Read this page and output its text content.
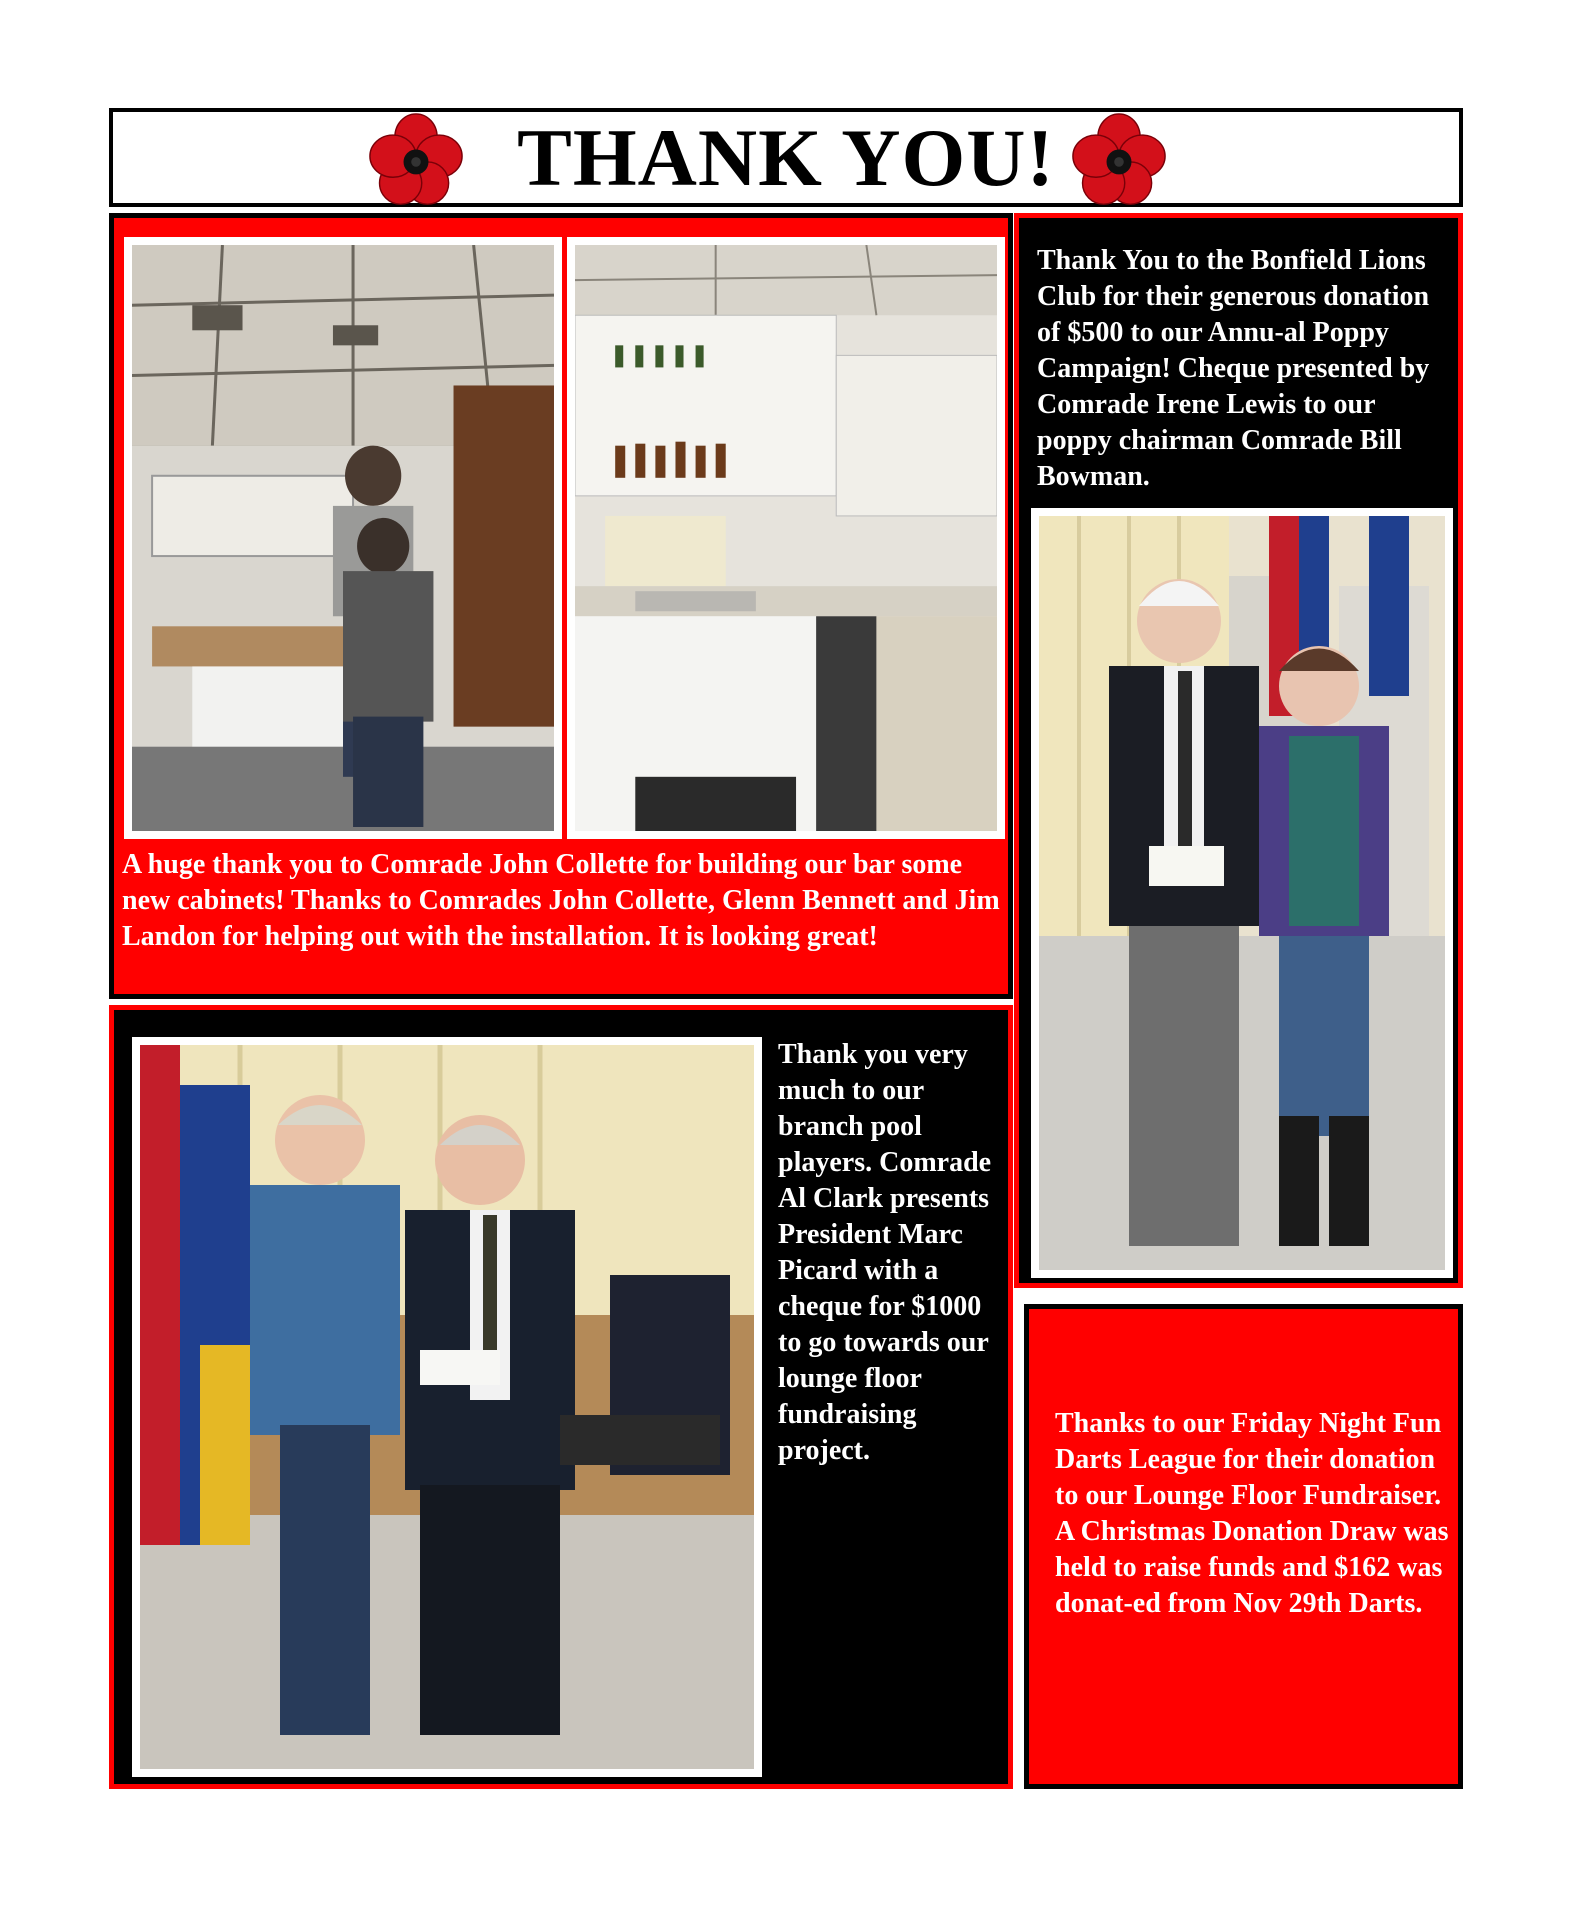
THANK YOU!
A huge thank you to Comrade John Collette for building our bar some new cabinets! Thanks to Comrades John Collette, Glenn Bennett and Jim Landon for helping out with the installation. It is looking great!
Thank You to the Bonfield Lions Club for their generous donation of $500 to our Annu-al Poppy Campaign! Cheque presented by Comrade Irene Lewis to our poppy chairman Comrade Bill Bowman.
Thank you very much to our branch pool players. Comrade Al Clark presents President Marc Picard with a cheque for $1000 to go towards our lounge floor fundraising project.
Thanks to our Friday Night Fun Darts League for their donation to our Lounge Floor Fundraiser. A Christmas Donation Draw was held to raise funds and $162 was donat-ed from Nov 29th Darts.
